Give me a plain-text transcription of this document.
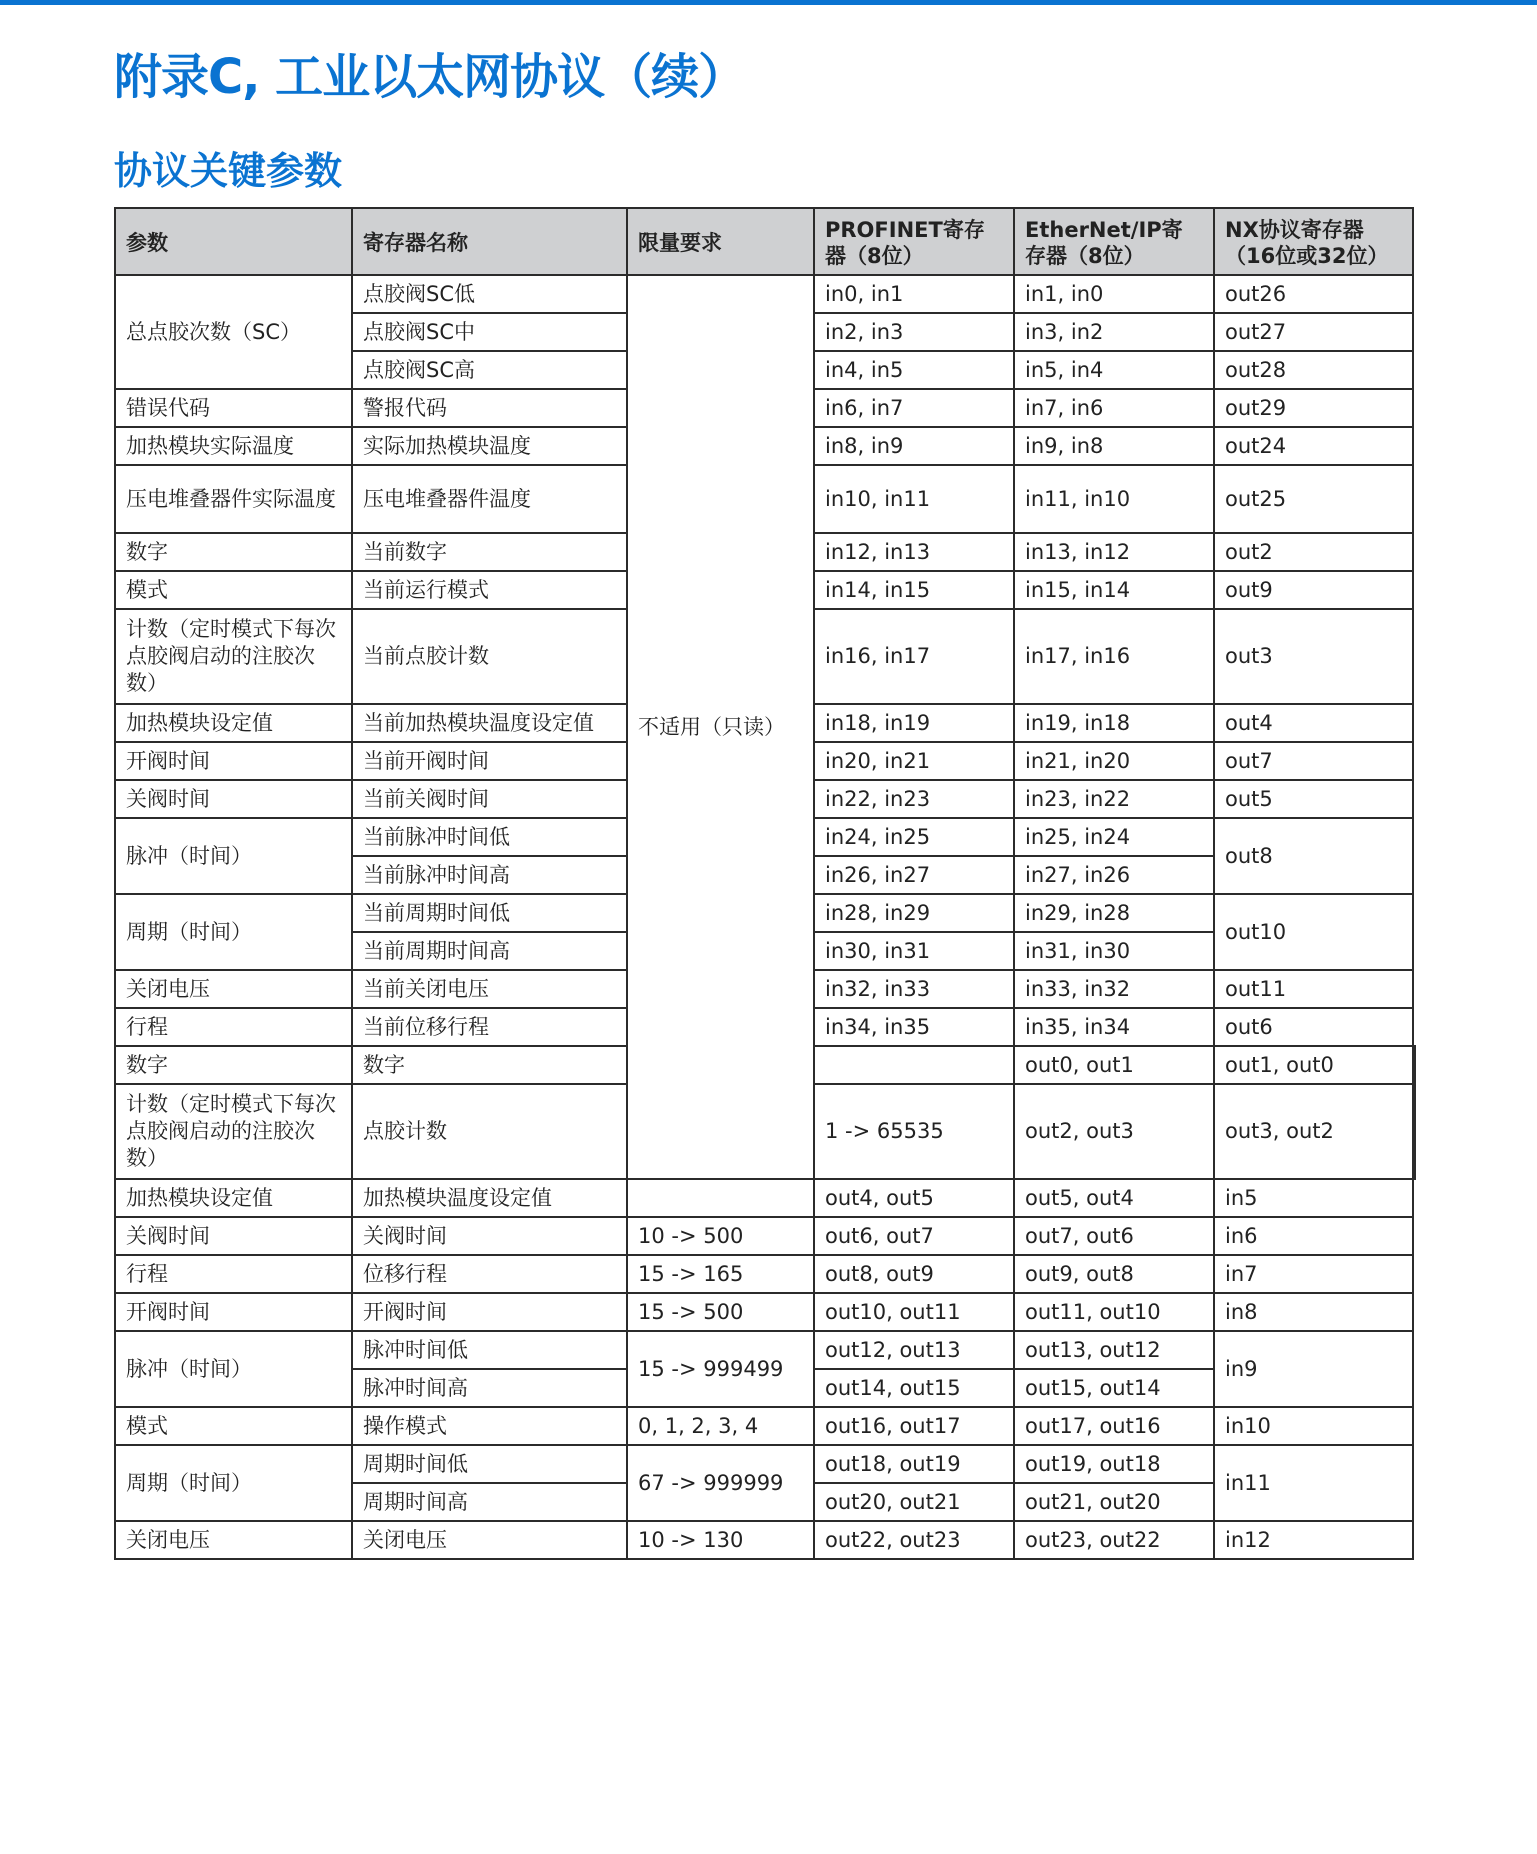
附录C, 工业以太网协议（续）
协议关键参数
参数	寄存器名称	限量要求	PROFINET寄存器（8位）	EtherNet/IP寄存器（8位）	NX协议寄存器（16位或32位）	
总点胶次数（SC）	点胶阀SC低	不适用（只读）	in0, in1	in1, in0	out26	
	点胶阀SC中		in2, in3	in3, in2	out27	
	点胶阀SC高		in4, in5	in5, in4	out28	
错误代码	警报代码		in6, in7	in7, in6	out29	
加热模块实际温度	实际加热模块温度		in8, in9	in9, in8	out24	
压电堆叠器件实际温度	压电堆叠器件温度		in10, in11	in11, in10	out25	
数字	当前数字		in12, in13	in13, in12	out2	
模式	当前运行模式		in14, in15	in15, in14	out9	
计数（定时模式下每次点胶阀启动的注胶次数）	当前点胶计数		in16, in17	in17, in16	out3	
加热模块设定值	当前加热模块温度设定值		in18, in19	in19, in18	out4	
开阀时间	当前开阀时间		in20, in21	in21, in20	out7	
关阀时间	当前关阀时间		in22, in23	in23, in22	out5	
脉冲（时间）	当前脉冲时间低		in24, in25	in25, in24	out8	
	当前脉冲时间高		in26, in27	in27, in26		
周期（时间）	当前周期时间低		in28, in29	in29, in28	out10	
	当前周期时间高		in30, in31	in31, in30		
关闭电压	当前关闭电压		in32, in33	in33, in32	out11	
行程	当前位移行程		in34, in35	in35, in34	out6	
数字	数字			out0, out1	out1, out0	
计数（定时模式下每次点胶阀启动的注胶次数）	点胶计数		1 -> 65535	out2, out3	out3, out2	
加热模块设定值	加热模块温度设定值		out4, out5	out5, out4	in5	
关阀时间	关阀时间	10 -> 500	out6, out7	out7, out6	in6	
行程	位移行程	15 -> 165	out8, out9	out9, out8	in7	
开阀时间	开阀时间	15 -> 500	out10, out11	out11, out10	in8	
脉冲（时间）	脉冲时间低	15 -> 999499	out12, out13	out13, out12	in9	
	脉冲时间高		out14, out15	out15, out14		
模式	操作模式	0, 1, 2, 3, 4	out16, out17	out17, out16	in10	
周期（时间）	周期时间低	67 -> 999999	out18, out19	out19, out18	in11	
	周期时间高		out20, out21	out21, out20		
关闭电压	关闭电压	10 -> 130	out22, out23	out23, out22	in12	
